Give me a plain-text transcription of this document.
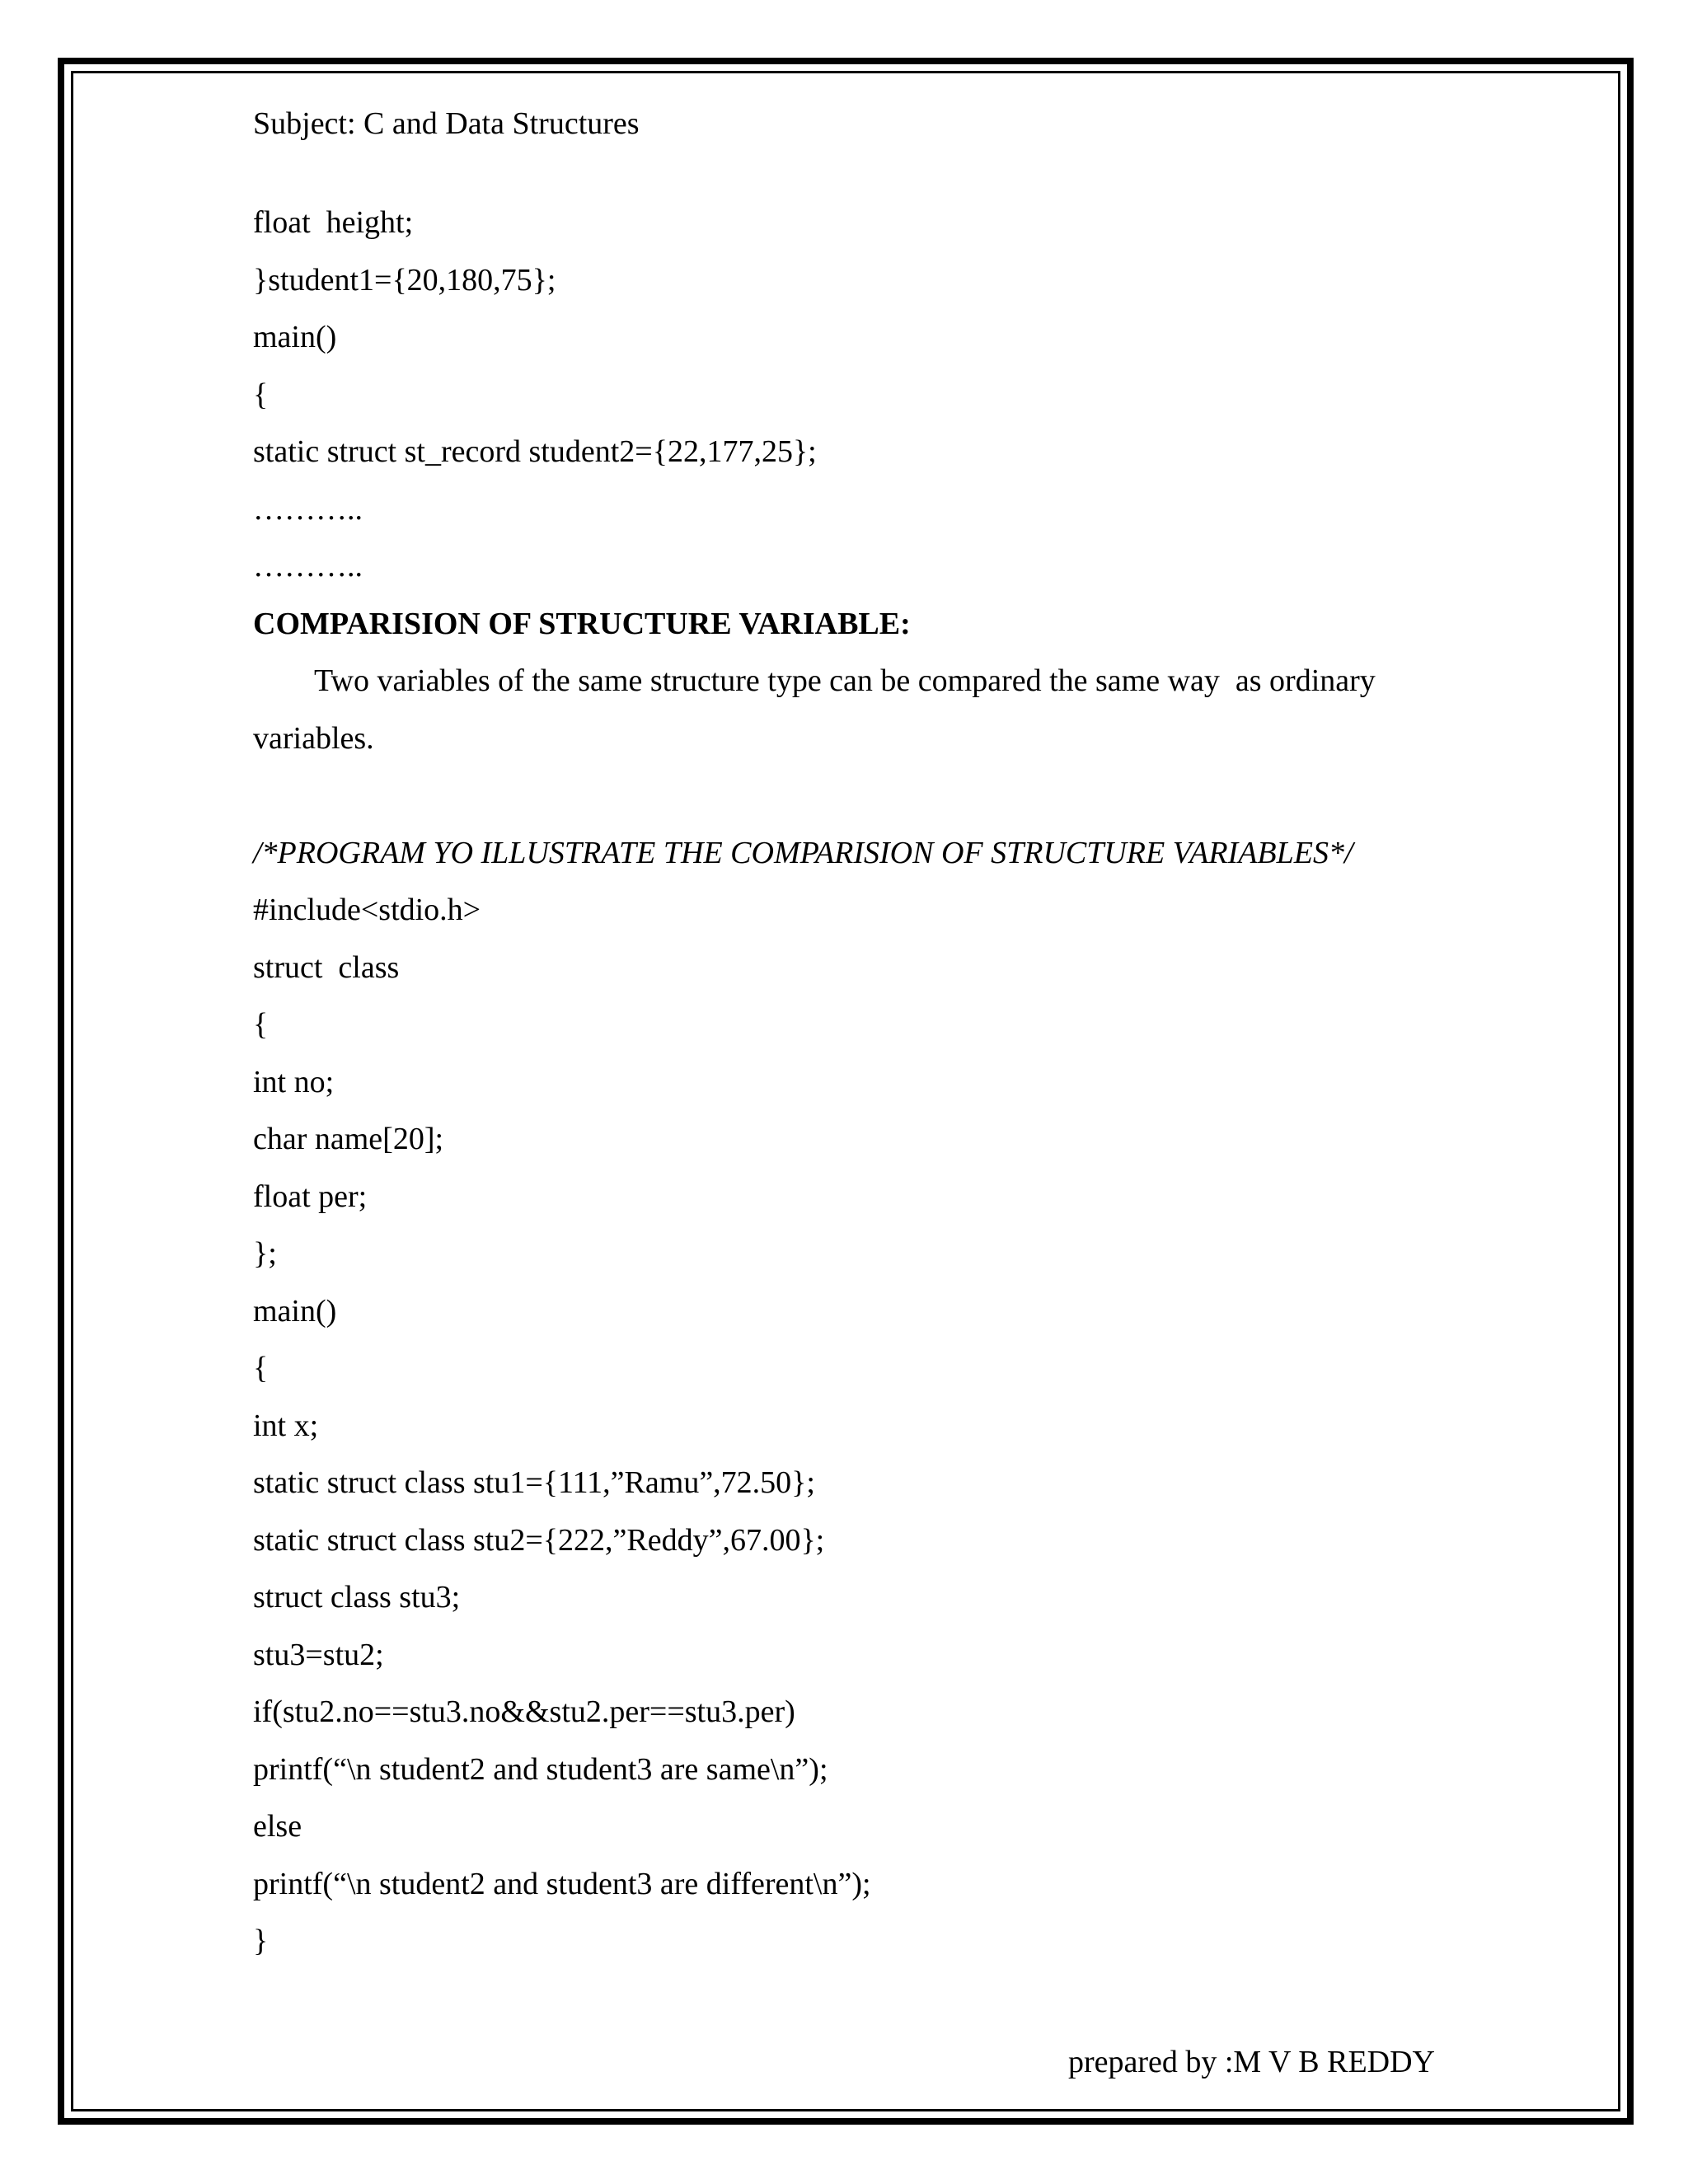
Subject: C and Data Structures
float  height;
}student1={20,180,75};
main()
{
static struct st_record student2={22,177,25};
………..
………..
COMPARISION OF STRUCTURE VARIABLE:
Two variables of the same structure type can be compared the same way  as ordinary
variables.
/*PROGRAM YO ILLUSTRATE THE COMPARISION OF STRUCTURE VARIABLES*/
#include<stdio.h>
struct  class
{
int no;
char name[20];
float per;
};
main()
{
int x;
static struct class stu1={111,”Ramu”,72.50};
static struct class stu2={222,”Reddy”,67.00};
struct class stu3;
stu3=stu2;
if(stu2.no==stu3.no&&stu2.per==stu3.per)
printf(“\n student2 and student3 are same\n”);
else
printf(“\n student2 and student3 are different\n”);
}
prepared by :M V B REDDY
